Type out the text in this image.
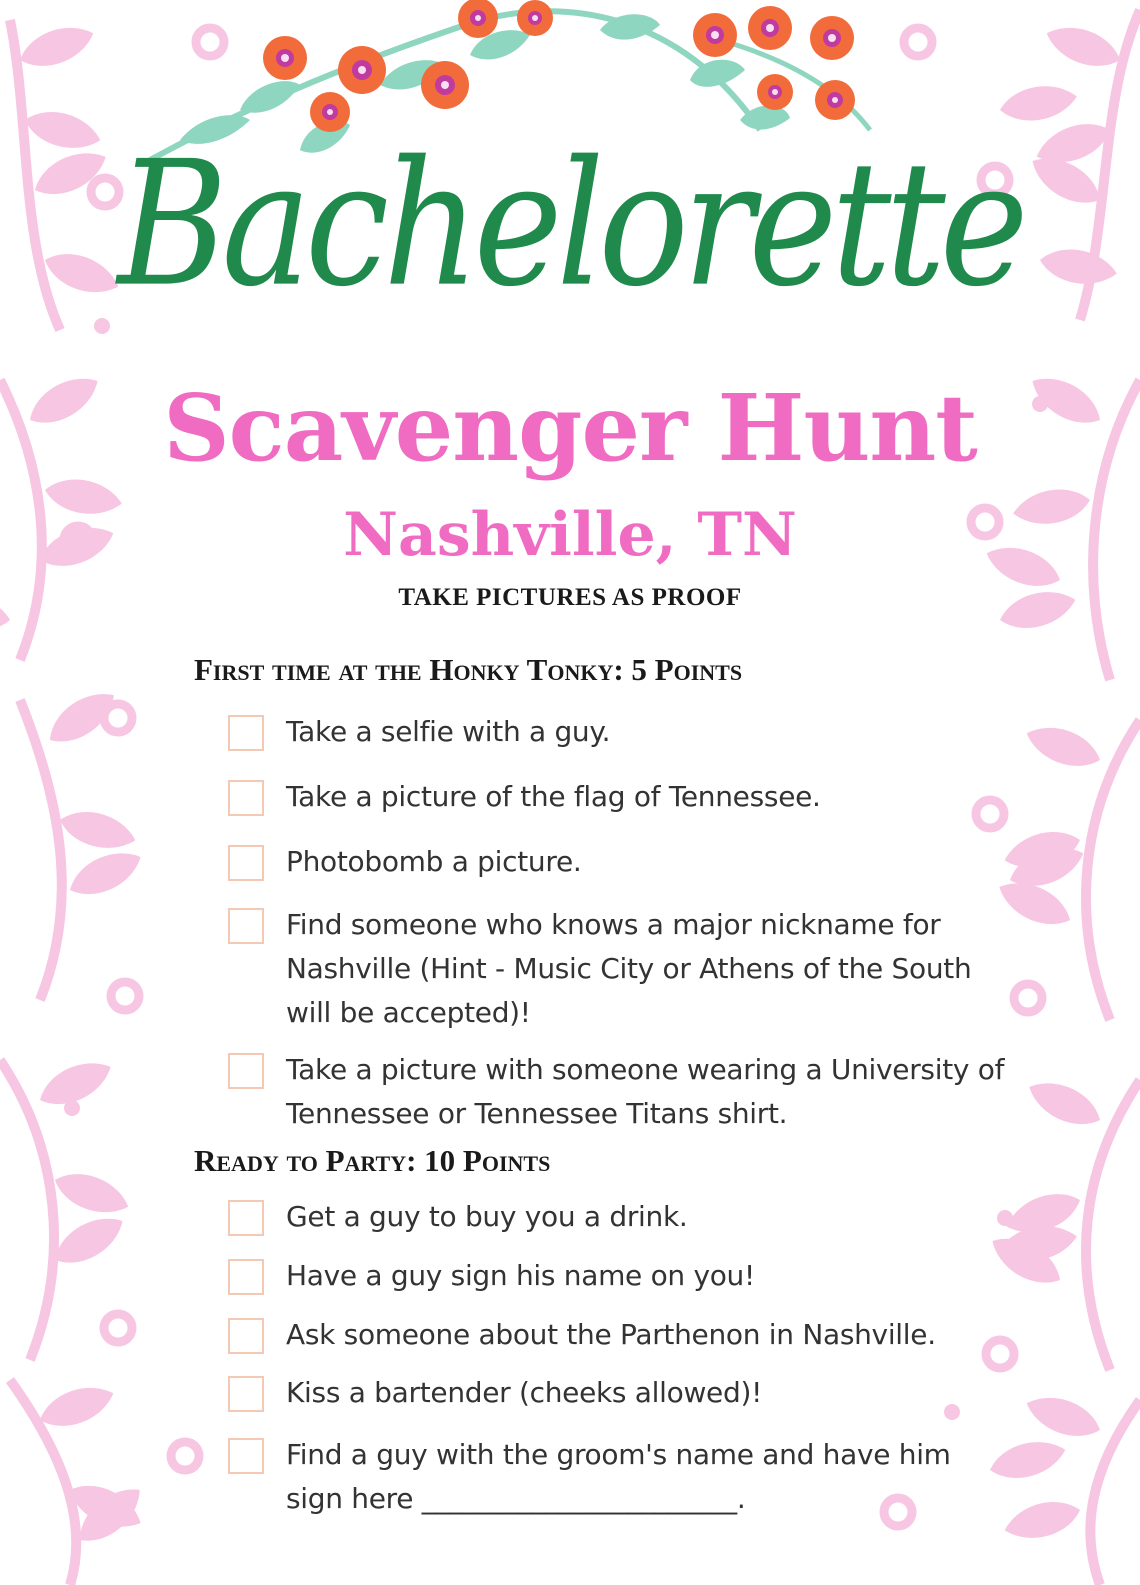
Bachelorette
Scavenger Hunt
Nashville, TN
TAKE PICTURES AS PROOF
First time at the Honky Tonky: 5 Points
Take a selfie with a guy.
Take a picture of the flag of Tennessee.
Photobomb a picture.
Find someone who knows a major nickname for Nashville (Hint - Music City or Athens of the South will be accepted)!
Take a picture with someone wearing a University of Tennessee or Tennessee Titans shirt.
Ready to Party: 10 Points
Get a guy to buy you a drink.
Have a guy sign his name on you!
Ask someone about the Parthenon in Nashville.
Kiss a bartender (cheeks allowed)!
Find a guy with the groom's name and have him sign here _______________________.
